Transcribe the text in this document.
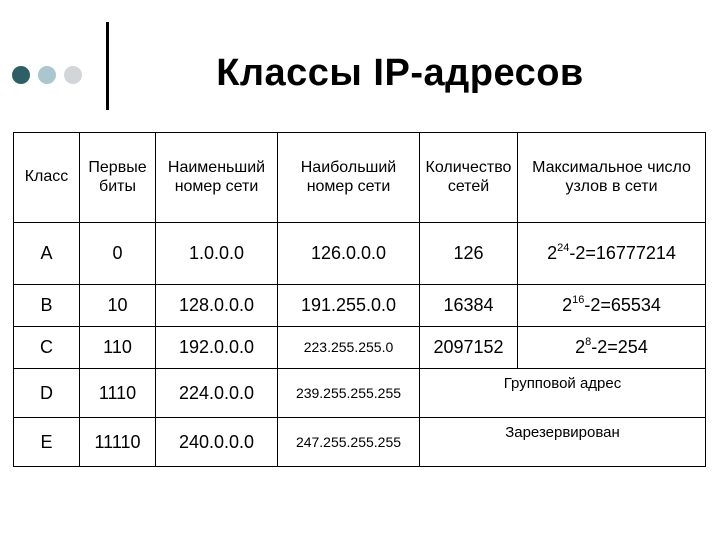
Классы IP-адресов
Класс	Первые биты	Наименьший номер сети	Наибольший номер сети	Количество сетей	Максимальное число узлов в сети
A	0	1.0.0.0	126.0.0.0	126	$2^{24}-2=16777214$
B	10	128.0.0.0	191.255.0.0	16384	$2^{16}-2=65534$
C	110	192.0.0.0	223.255.255.0	2097152	$2^8-2=254$
D	1110	224.0.0.0	239.255.255.255	Групповой адрес	
E	11110	240.0.0.0	247.255.255.255	Зарезервирован	
